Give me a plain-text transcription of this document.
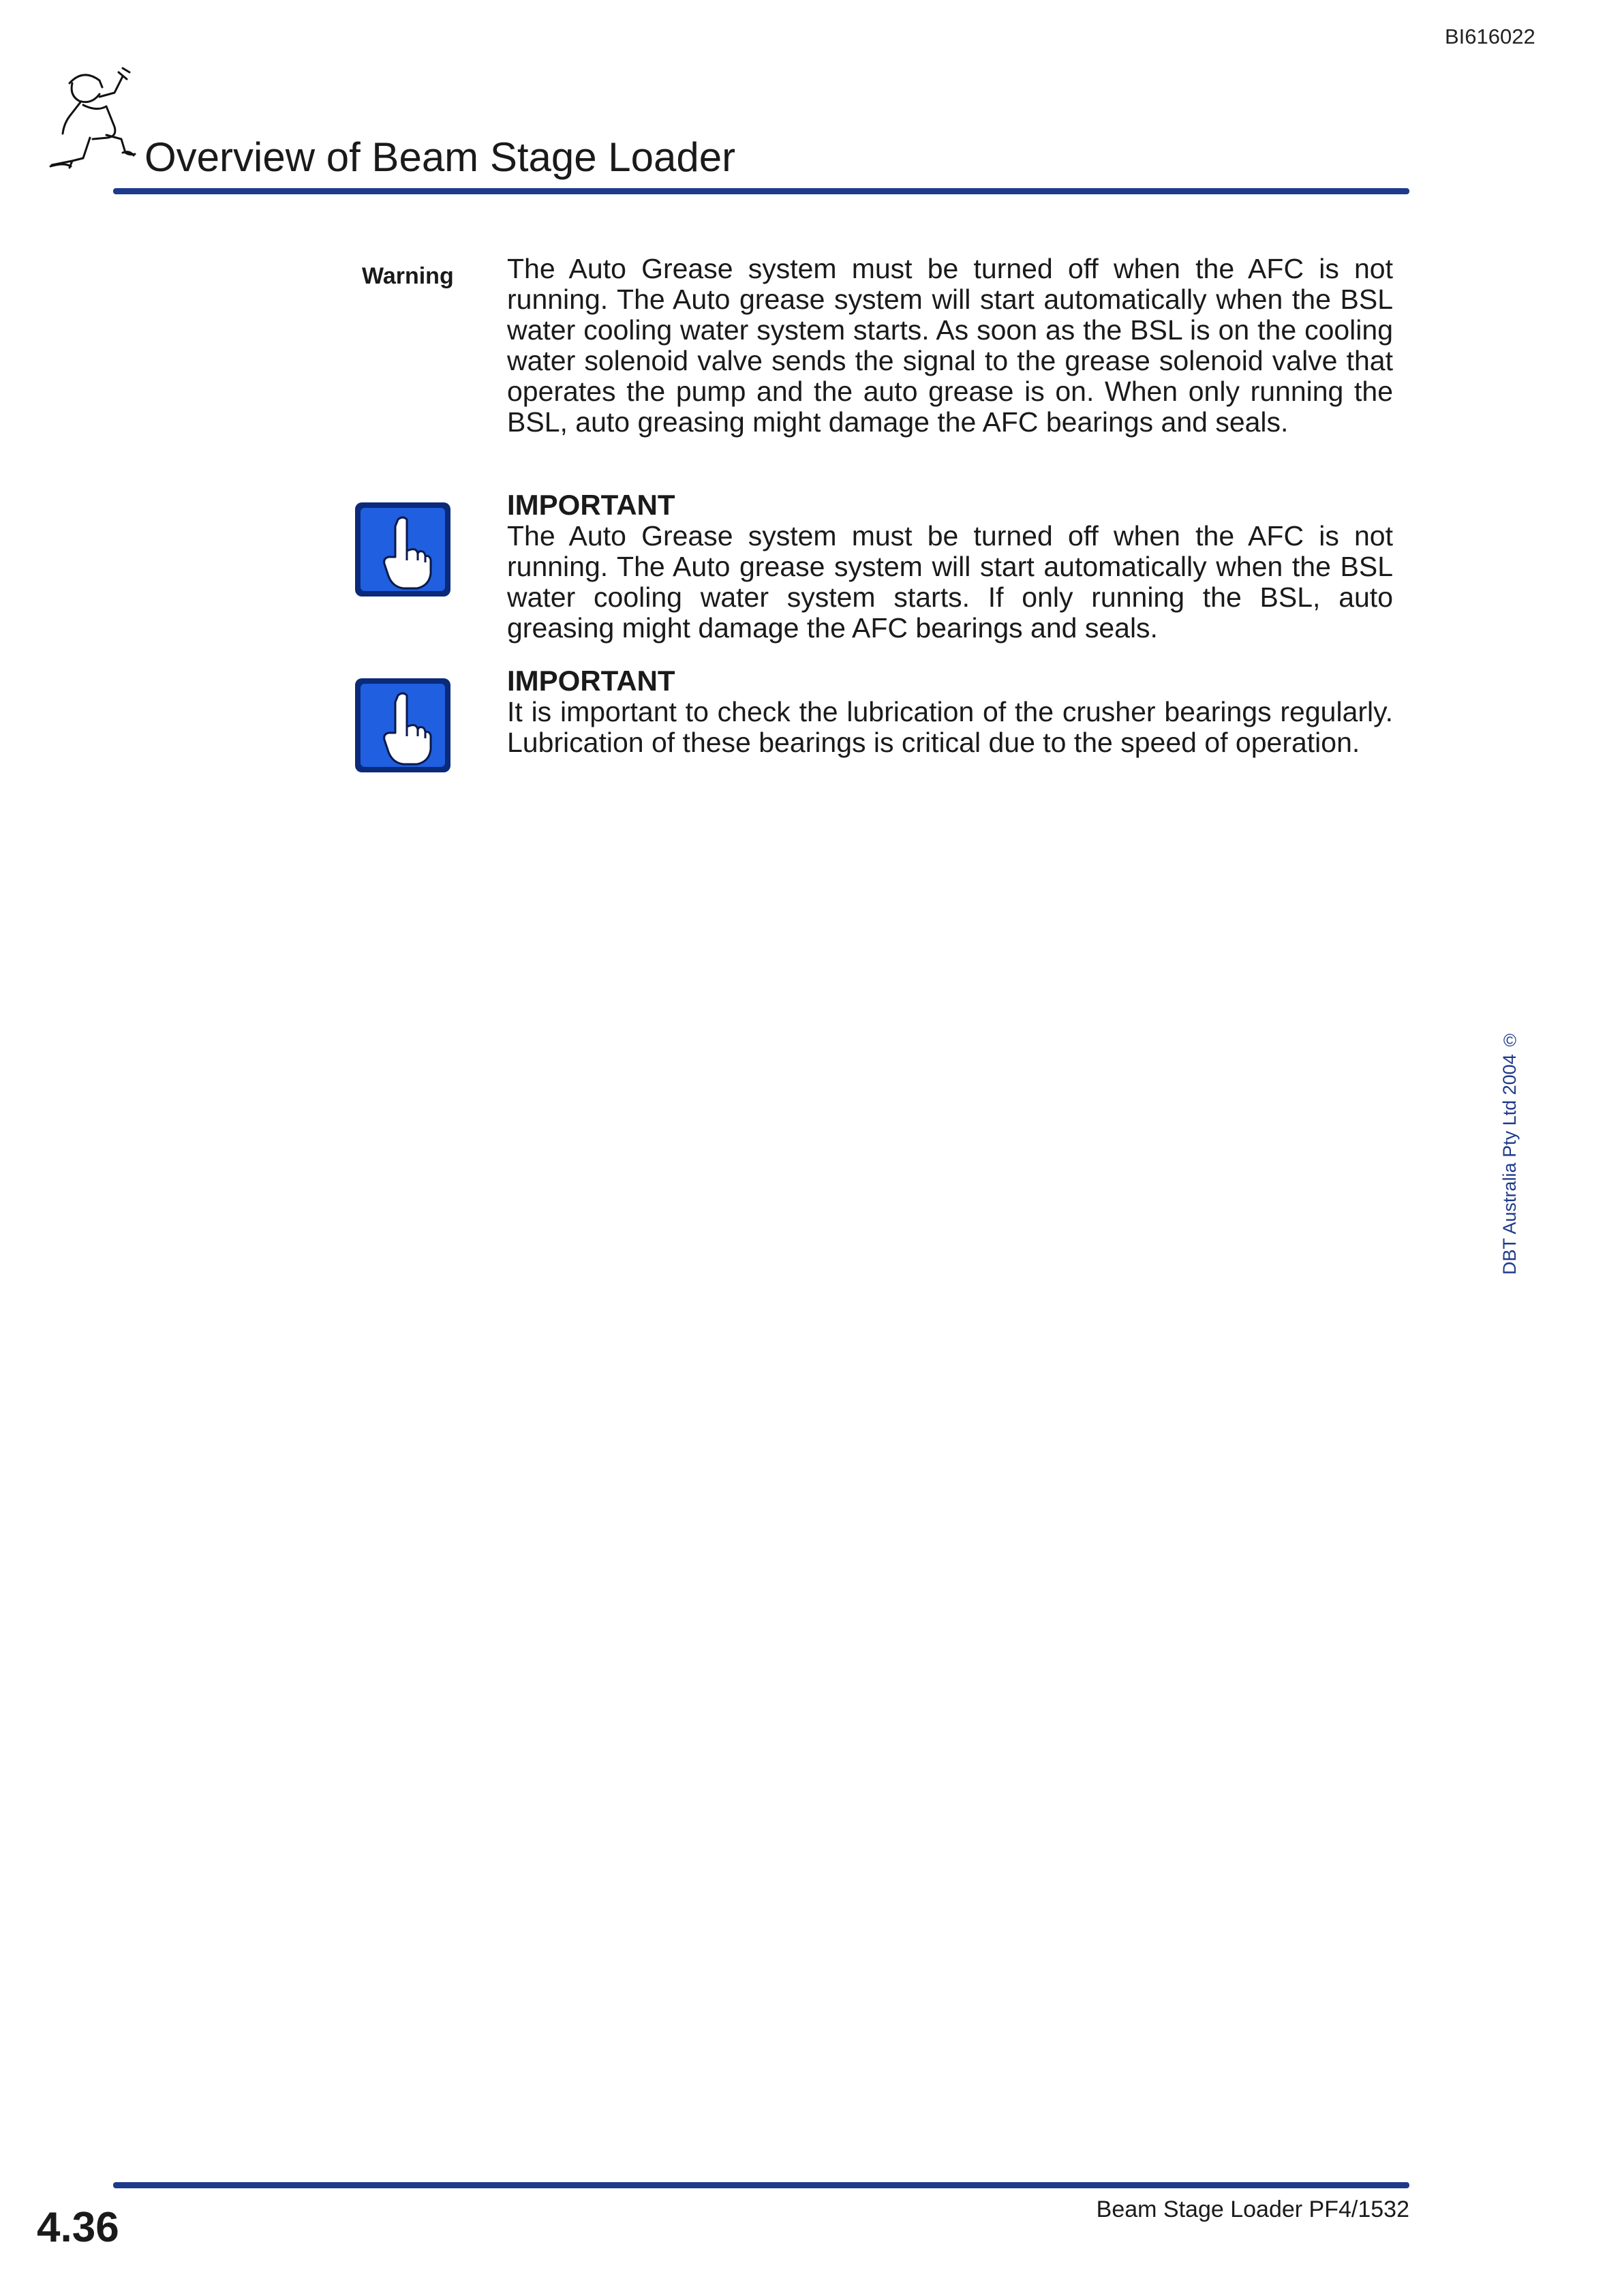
BI616022
Overview of Beam Stage Loader
Warning The Auto Grease system must be turned off when the AFC is not running. The Auto grease system will start automatically when the BSL water cooling water system starts. As soon as the BSL is on the cooling water solenoid valve sends the signal to the grease solenoid valve that operates the pump and the auto grease is on. When only running the BSL, auto greasing might damage the AFC bearings and seals.

IMPORTANT

The Auto Grease system must be turned off when the AFC is not running. The Auto grease system will start automatically when the BSL water cooling water system starts. If only running the BSL, auto greasing might damage the AFC bearings and seals.

IMPORTANT

It is important to check the lubrication of the crusher bearings regularly. Lubrication of these bearings is critical due to the speed of operation.

DBT Australia Pty Ltd 2004
©
4.36	Beam Stage Loader PF4/1532
